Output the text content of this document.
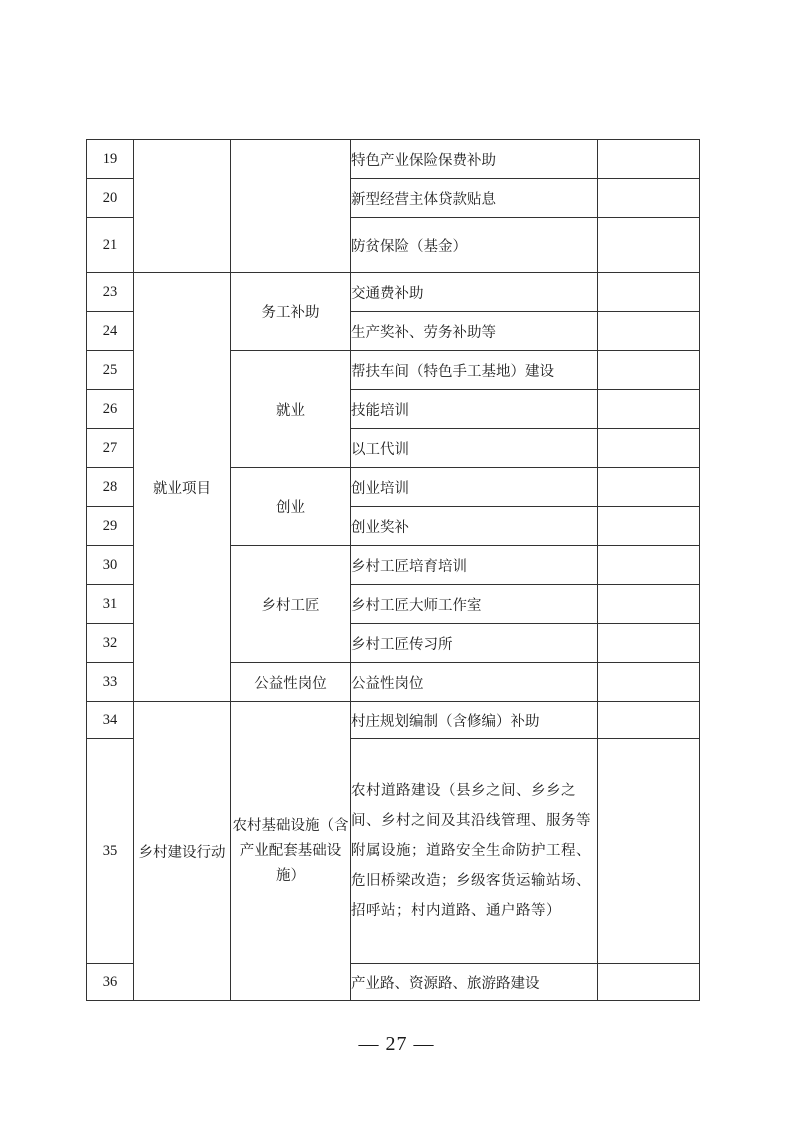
19			特色产业保险保费补助	
20			新型经营主体贷款贴息	
21			防贫保险（基金）	
23	就业项目	务工补助	交通费补助	
24			生产奖补、劳务补助等	
25		就业	帮扶车间（特色手工基地）建设	
26			技能培训	
27			以工代训	
28		创业	创业培训	
29			创业奖补	
30		乡村工匠	乡村工匠培育培训	
31			乡村工匠大师工作室	
32			乡村工匠传习所	
33		公益性岗位	公益性岗位	
34	乡村建设行动	农村基础设施（含产业配套基础设施）	村庄规划编制（含修编）补助	
35			农村道路建设（县乡之间、乡乡之间、乡村之间及其沿线管理、服务等附属设施；道路安全生命防护工程、危旧桥梁改造；乡级客货运输站场、招呼站；村内道路、通户路等）	
36			产业路、资源路、旅游路建设	
— 27 —
